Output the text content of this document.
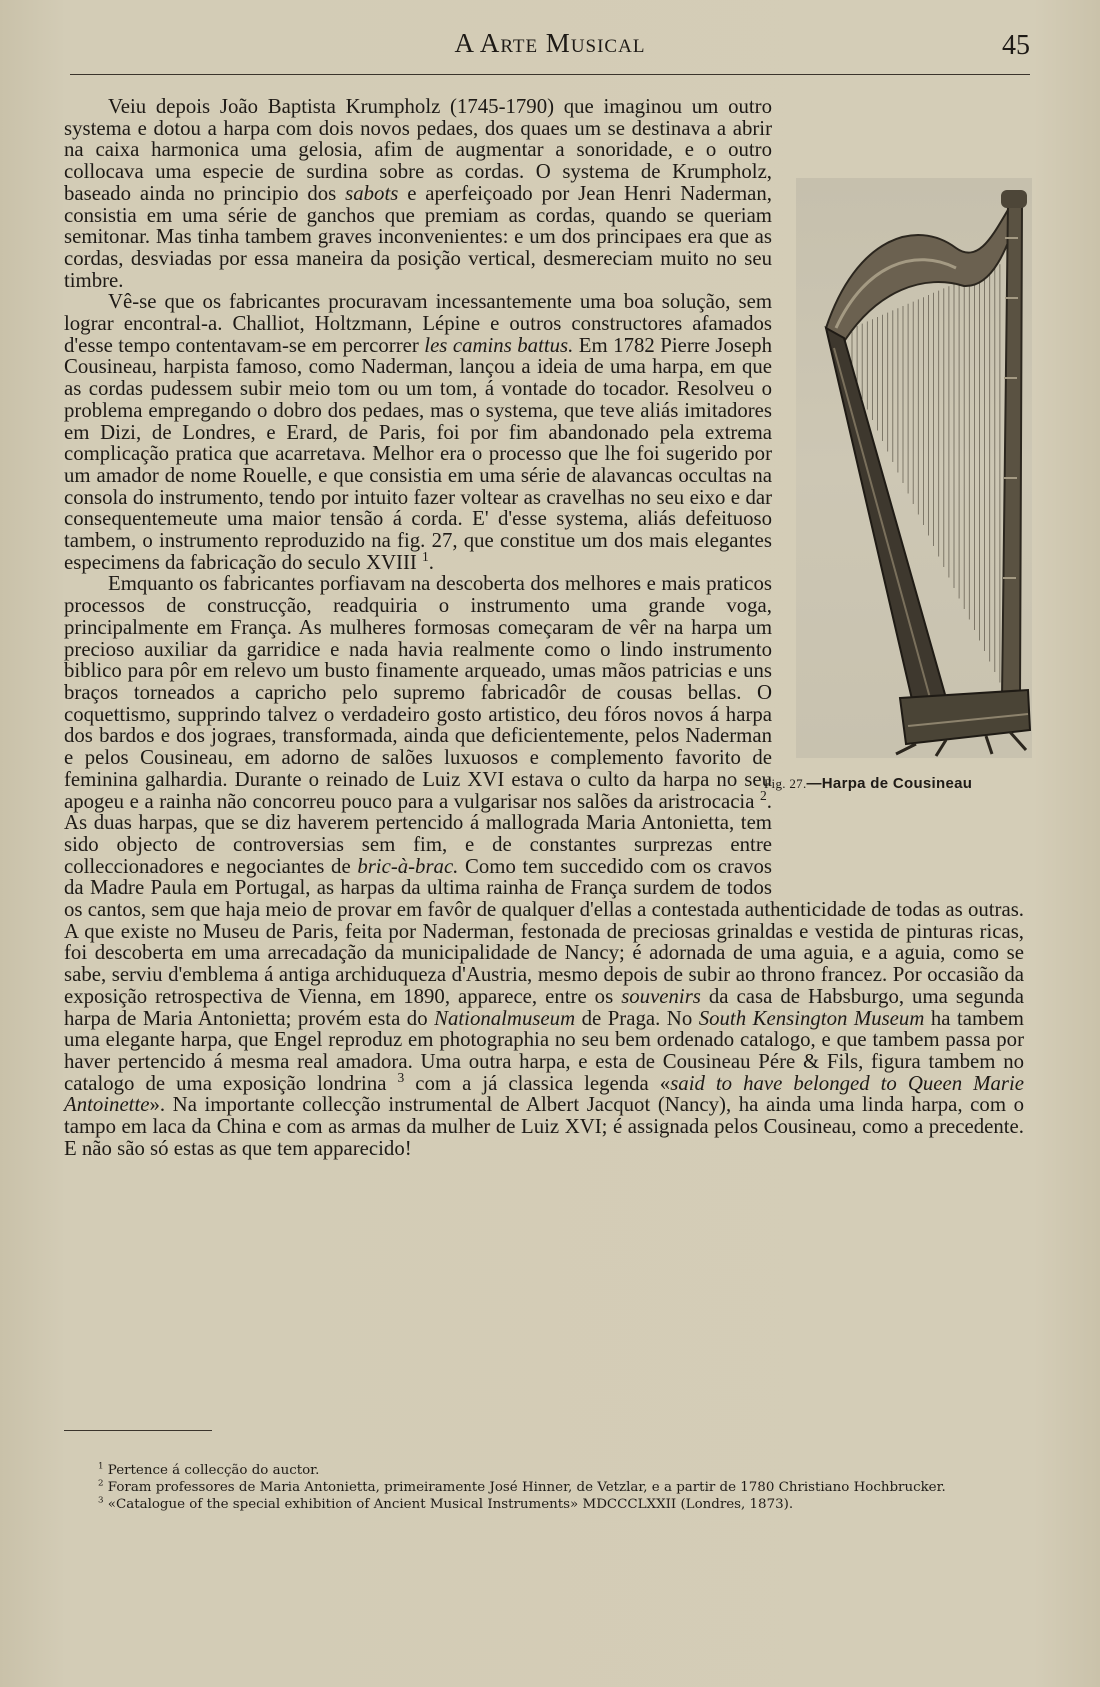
A Arte Musical	45
Fig. 27.—Harpa de Cousineau

Veiu depois João Baptista Krumpholz (1745-1790) que imaginou um outro systema e dotou a harpa com dois novos pedaes, dos quaes um se destinava a abrir na caixa harmonica uma gelosia, afim de augmentar a sonoridade, e o outro collocava uma especie de surdina sobre as cordas. O systema de Krumpholz, baseado ainda no principio dos sabots e aperfeiçoado por Jean Henri Naderman, consistia em uma série de ganchos que premiam as cordas, quando se queriam semitonar. Mas tinha tambem graves inconvenientes: e um dos principaes era que as cordas, desviadas por essa maneira da posição vertical, desmereciam muito no seu timbre.

Vê-se que os fabricantes procuravam incessantemente uma boa solução, sem lograr encontral-a. Challiot, Holtzmann, Lépine e outros constructores afamados d'esse tempo contentavam-se em percorrer les camins battus. Em 1782 Pierre Joseph Cousineau, harpista famoso, como Naderman, lançou a ideia de uma harpa, em que as cordas pudessem subir meio tom ou um tom, á vontade do tocador. Resolveu o problema empregando o dobro dos pedaes, mas o systema, que teve aliás imitadores em Dizi, de Londres, e Erard, de Paris, foi por fim abandonado pela extrema complicação pratica que acarretava. Melhor era o processo que lhe foi sugerido por um amador de nome Rouelle, e que consistia em uma série de alavancas occultas na consola do instrumento, tendo por intuito fazer voltear as cravelhas no seu eixo e dar consequentemeute uma maior tensão á corda. E' d'esse systema, aliás defeituoso tambem, o instrumento reproduzido na fig. 27, que constitue um dos mais elegantes especimens da fabricação do seculo XVIII $^1$.

Emquanto os fabricantes porfiavam na descoberta dos melhores e mais praticos processos de construcção, readquiria o instrumento uma grande voga, principalmente em França. As mulheres formosas começaram de vêr na harpa um precioso auxiliar da garridice e nada havia realmente como o lindo instrumento biblico para pôr em relevo um busto finamente arqueado, umas mãos patricias e uns braços torneados a capricho pelo supremo fabricadôr de cousas bellas. O coquettismo, supprindo talvez o verdadeiro gosto artistico, deu fóros novos á harpa dos bardos e dos jograes, transformada, ainda que deficientemente, pelos Naderman e pelos Cousineau, em adorno de salões luxuosos e complemento favorito de feminina galhardia. Durante o reinado de Luiz XVI estava o culto da harpa no seu apogeu e a rainha não concorreu pouco para a vulgarisar nos salões da aristrocacia $^2$. As duas harpas, que se diz haverem pertencido á mallograda Maria Antonietta, tem sido objecto de controversias sem fim, e de constantes surprezas entre colleccionadores e negociantes de bric-à-brac. Como tem succedido com os cravos da Madre Paula em Portugal, as harpas da ultima rainha de França surdem de todos os cantos, sem que haja meio de provar em favôr de qualquer d'ellas a contestada authenticidade de todas as outras. A que existe no Museu de Paris, feita por Naderman, festonada de preciosas grinaldas e vestida de pinturas ricas, foi descoberta em uma arrecadação da municipalidade de Nancy; é adornada de uma aguia, e a aguia, como se sabe, serviu d'emblema á antiga archiduqueza d'Austria, mesmo depois de subir ao throno francez. Por occasião da exposição retrospectiva de Vienna, em 1890, apparece, entre os souvenirs da casa de Habsburgo, uma segunda harpa de Maria Antonietta; provém esta do Nationalmuseum de Praga. No South Kensington Museum ha tambem uma elegante harpa, que Engel reproduz em photographia no seu bem ordenado catalogo, e que tambem passa por haver pertencido á mesma real amadora. Uma outra harpa, e esta de Cousineau Pére & Fils, figura tambem no catalogo de uma exposição londrina $^3$ com a já classica legenda «said to have belonged to Queen Marie Antoinette». Na importante collecção instrumental de Albert Jacquot (Nancy), ha ainda uma linda harpa, com o tampo em laca da China e com as armas da mulher de Luiz XVI; é assignada pelos Cousineau, como a precedente. E não são só estas as que tem apparecido!

$^1$ Pertence á collecção do auctor.

$^2$ Foram professores de Maria Antonietta, primeiramente José Hinner, de Vetzlar, e a partir de 1780 Christiano Hochbrucker.

$^3$ «Catalogue of the special exhibition of Ancient Musical Instruments» MDCCCLXXII (Londres, 1873).
